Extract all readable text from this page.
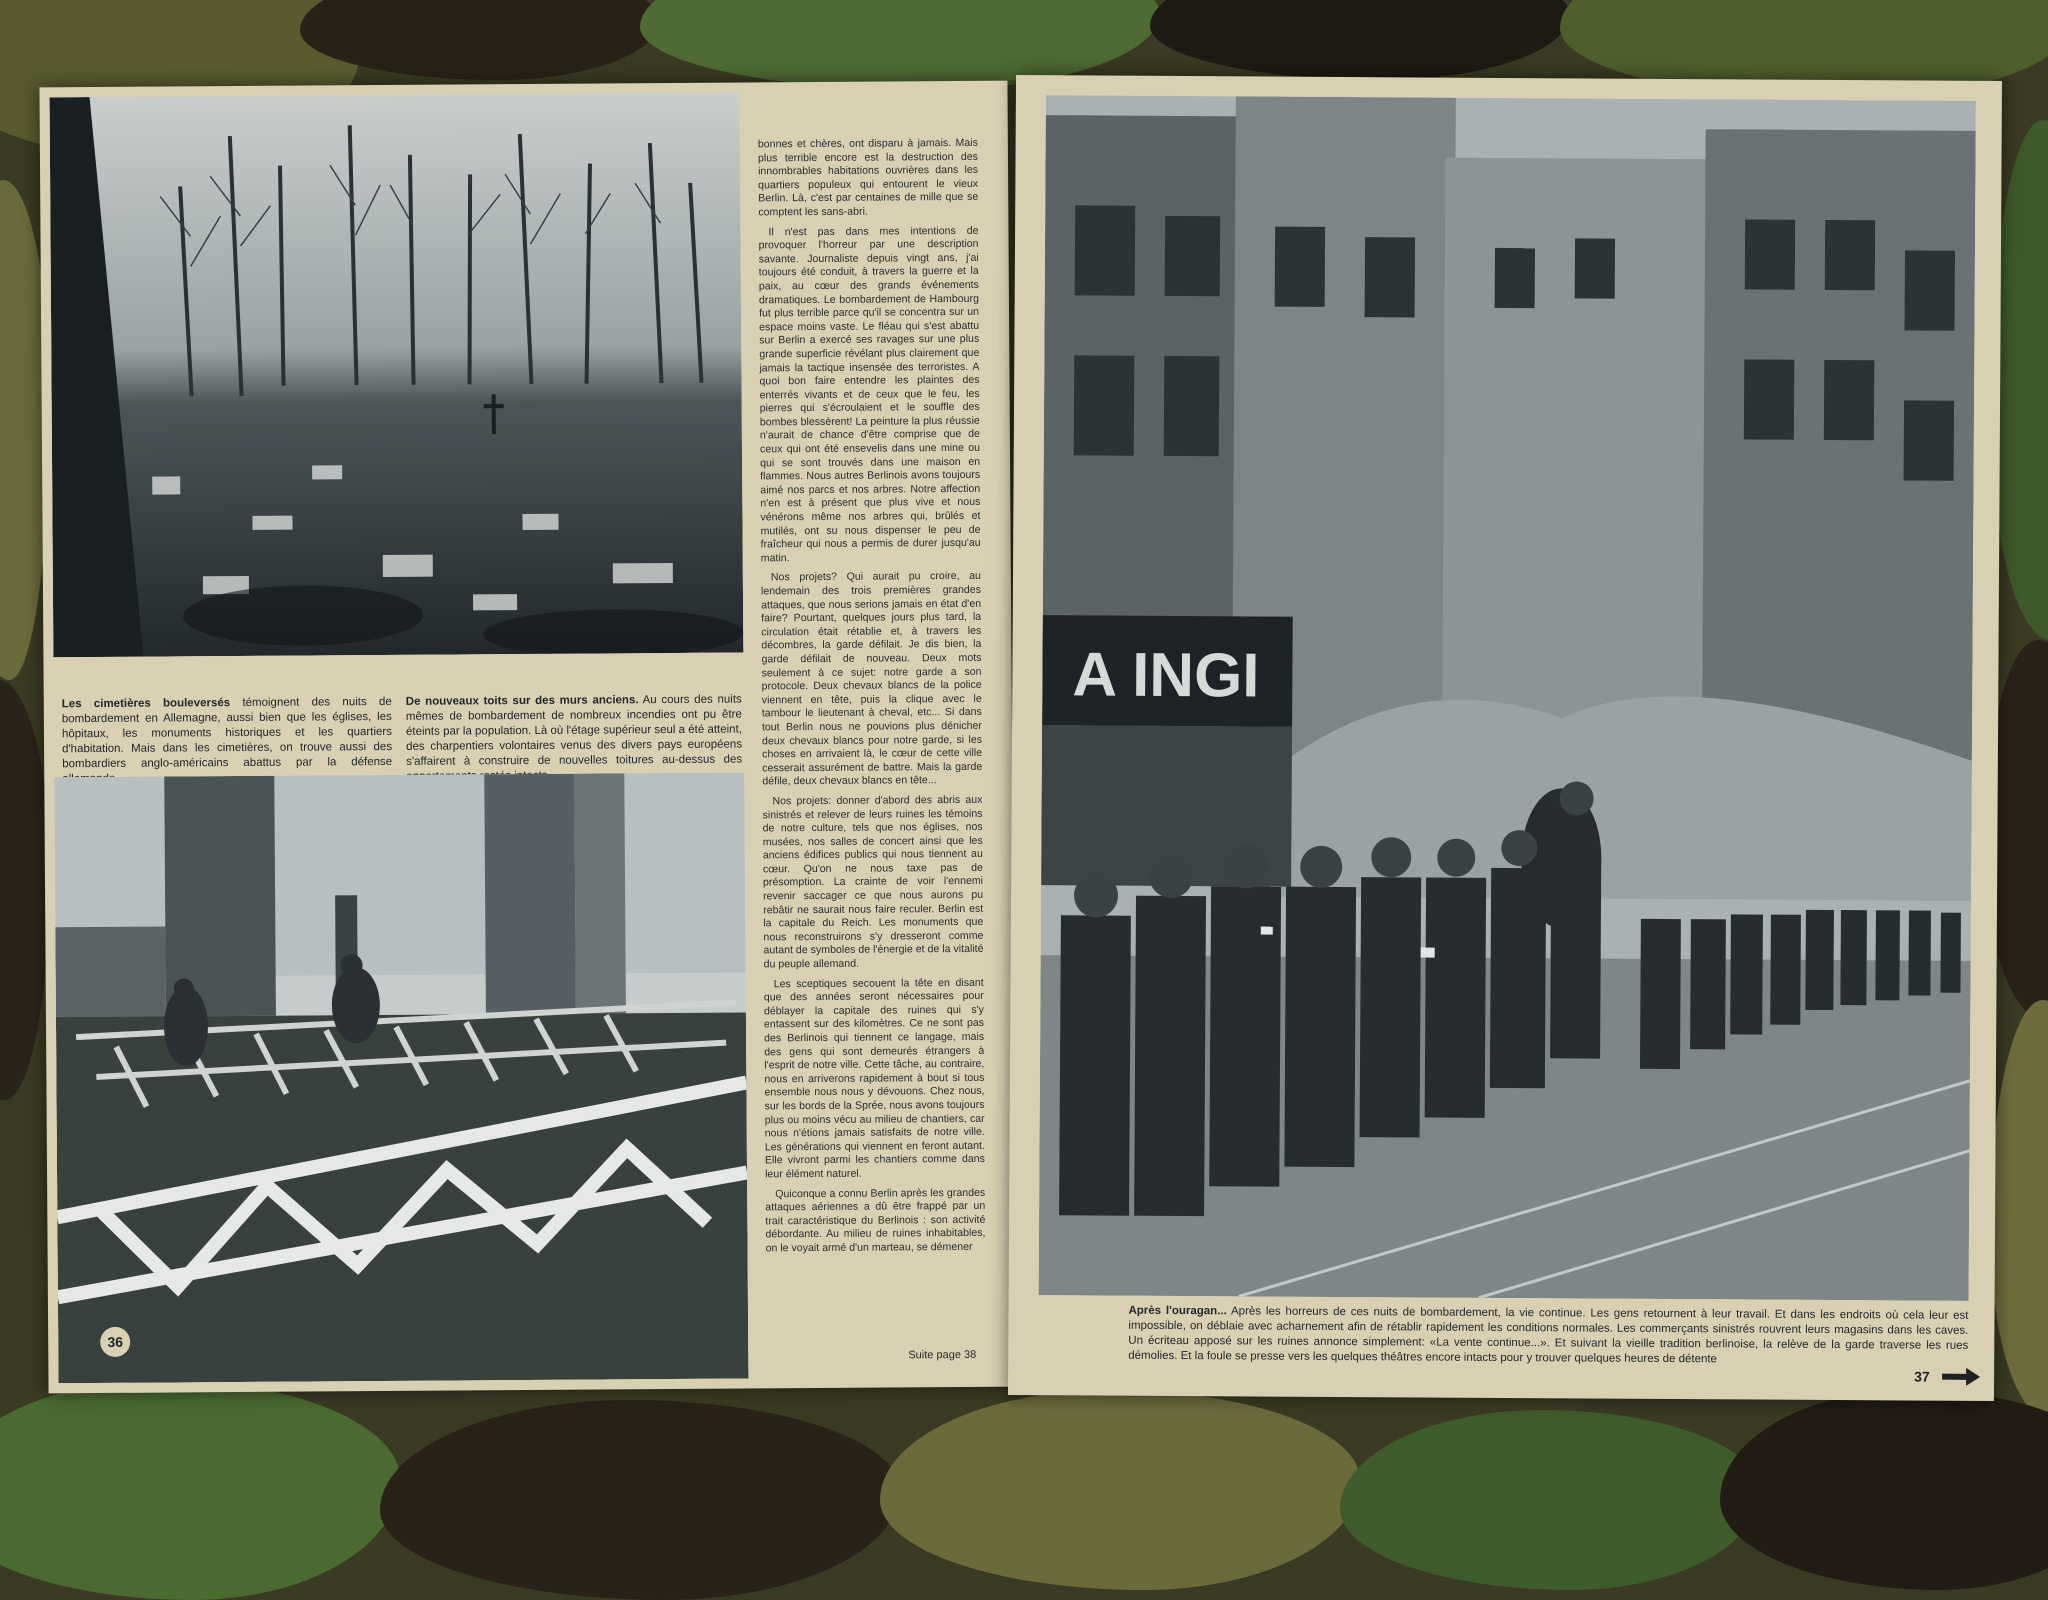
Les cimetières bouleversés témoignent des nuits de bombardement en Allemagne, aussi bien que les églises, les hôpitaux, les monuments historiques et les quartiers d'habitation. Mais dans les cimetières, on trouve aussi des bombardiers anglo-américains abattus par la défense
De nouveaux toits sur des murs anciens. Au cours des nuits mêmes de bombardement de nombreux incendies ont pu être éteints par la population. Là où l'étage supérieur seul a été atteint, des charpentiers volontaires venus des divers pays européens s'affairent à construire de nouvelles toitures au-dessus des

bonnes et chères, ont disparu à jamais. Mais plus terrible encore est la destruction des innombrables habitations ouvrières dans les quartiers populeux qui entourent le vieux Berlin. Là, c'est par centaines de mille que se comptent les sans-abri.

Il n'est pas dans mes intentions de provoquer l'horreur par une description savante. Journaliste depuis vingt ans, j'ai toujours été conduit, à travers la guerre et la paix, au cœur des grands événements dramatiques. Le bombardement de Hambourg fut plus terrible parce qu'il se concentra sur un espace moins vaste. Le fléau qui s'est abattu sur Berlin a exercé ses ravages sur une plus grande superficie révélant plus clairement que jamais la tactique insensée des terroristes. A quoi bon faire entendre les plaintes des enterrés vivants et de ceux que le feu, les pierres qui s'écroulaient et le souffle des bombes blessèrent! La peinture la plus réussie n'aurait de chance d'être comprise que de ceux qui ont été ensevelis dans une mine ou qui se sont trouvés dans une maison en flammes. Nous autres Berlinois avons toujours aimé nos parcs et nos arbres. Notre affection n'en est à présent que plus vive et nous vénérons même nos arbres qui, brûlés et mutilés, ont su nous dispenser le peu de fraîcheur qui nous a permis de durer jusqu'au matin.

Nos projets? Qui aurait pu croire, au lendemain des trois premières grandes attaques, que nous serions jamais en état d'en faire? Pourtant, quelques jours plus tard, la circulation était rétablie et, à travers les décombres, la garde défilait. Je dis bien, la garde défilait de nouveau. Deux mots seulement à ce sujet: notre garde a son protocole. Deux chevaux blancs de la police viennent en tête, puis la clique avec le tambour le lieutenant à cheval, etc... Si dans tout Berlin nous ne pouvions plus dénicher deux chevaux blancs pour notre garde, si les choses en arrivaient là, le cœur de cette ville cesserait assurément de battre. Mais la garde défile, deux chevaux blancs en tête...

Nos projets: donner d'abord des abris aux sinistrés et relever de leurs ruines les témoins de notre culture, tels que nos églises, nos musées, nos salles de concert ainsi que les anciens édifices publics qui nous tiennent au cœur. Qu'on ne nous taxe pas de présomption. La crainte de voir l'ennemi revenir saccager ce que nous aurons pu rebâtir ne saurait nous faire reculer. Berlin est la capitale du Reich. Les monuments que nous reconstruirons s'y dresseront comme autant de symboles de l'énergie et de la vitalité du peuple allemand.

Les sceptiques secouent la tête en disant que des années seront nécessaires pour déblayer la capitale des ruines qui s'y entassent sur des kilomètres. Ce ne sont pas des Berlinois qui tiennent ce langage, mais des gens qui sont demeurés étrangers à l'esprit de notre ville. Cette tâche, au contraire, nous en arriverons rapidement à bout si tous ensemble nous nous y dévouons. Chez nous, sur les bords de la Sprée, nous avons toujours plus ou moins vécu au milieu de chantiers, car nous n'étions jamais satisfaits de notre ville. Les générations qui viennent en feront autant. Elle vivront parmi les chantiers comme dans leur élément naturel.

Quiconque a connu Berlin après les grandes attaques aériennes a dû être frappé par un trait caractéristique du Berlinois : son activité débordante. Au milieu de ruines inhabitables, on le voyait armé d'un marteau, se démener

Suite page 38
36
A INGI
Après l'ouragan... Après les horreurs de ces nuits de bombardement, la vie continue. Les gens retournent à leur travail. Et dans les endroits où cela leur est impossible, on déblaie avec acharnement afin de rétablir rapidement les conditions normales. Les commerçants sinistrés rouvrent leurs magasins dans les caves. Un écriteau apposé sur les ruines annonce simplement: «La vente continue...». Et suivant la vieille tradition berlinoise, la relève de la garde traverse les rues démolies. Et la foule se presse vers les quelques théâtres encore intacts pour y trouver quelques heures de détente
37
